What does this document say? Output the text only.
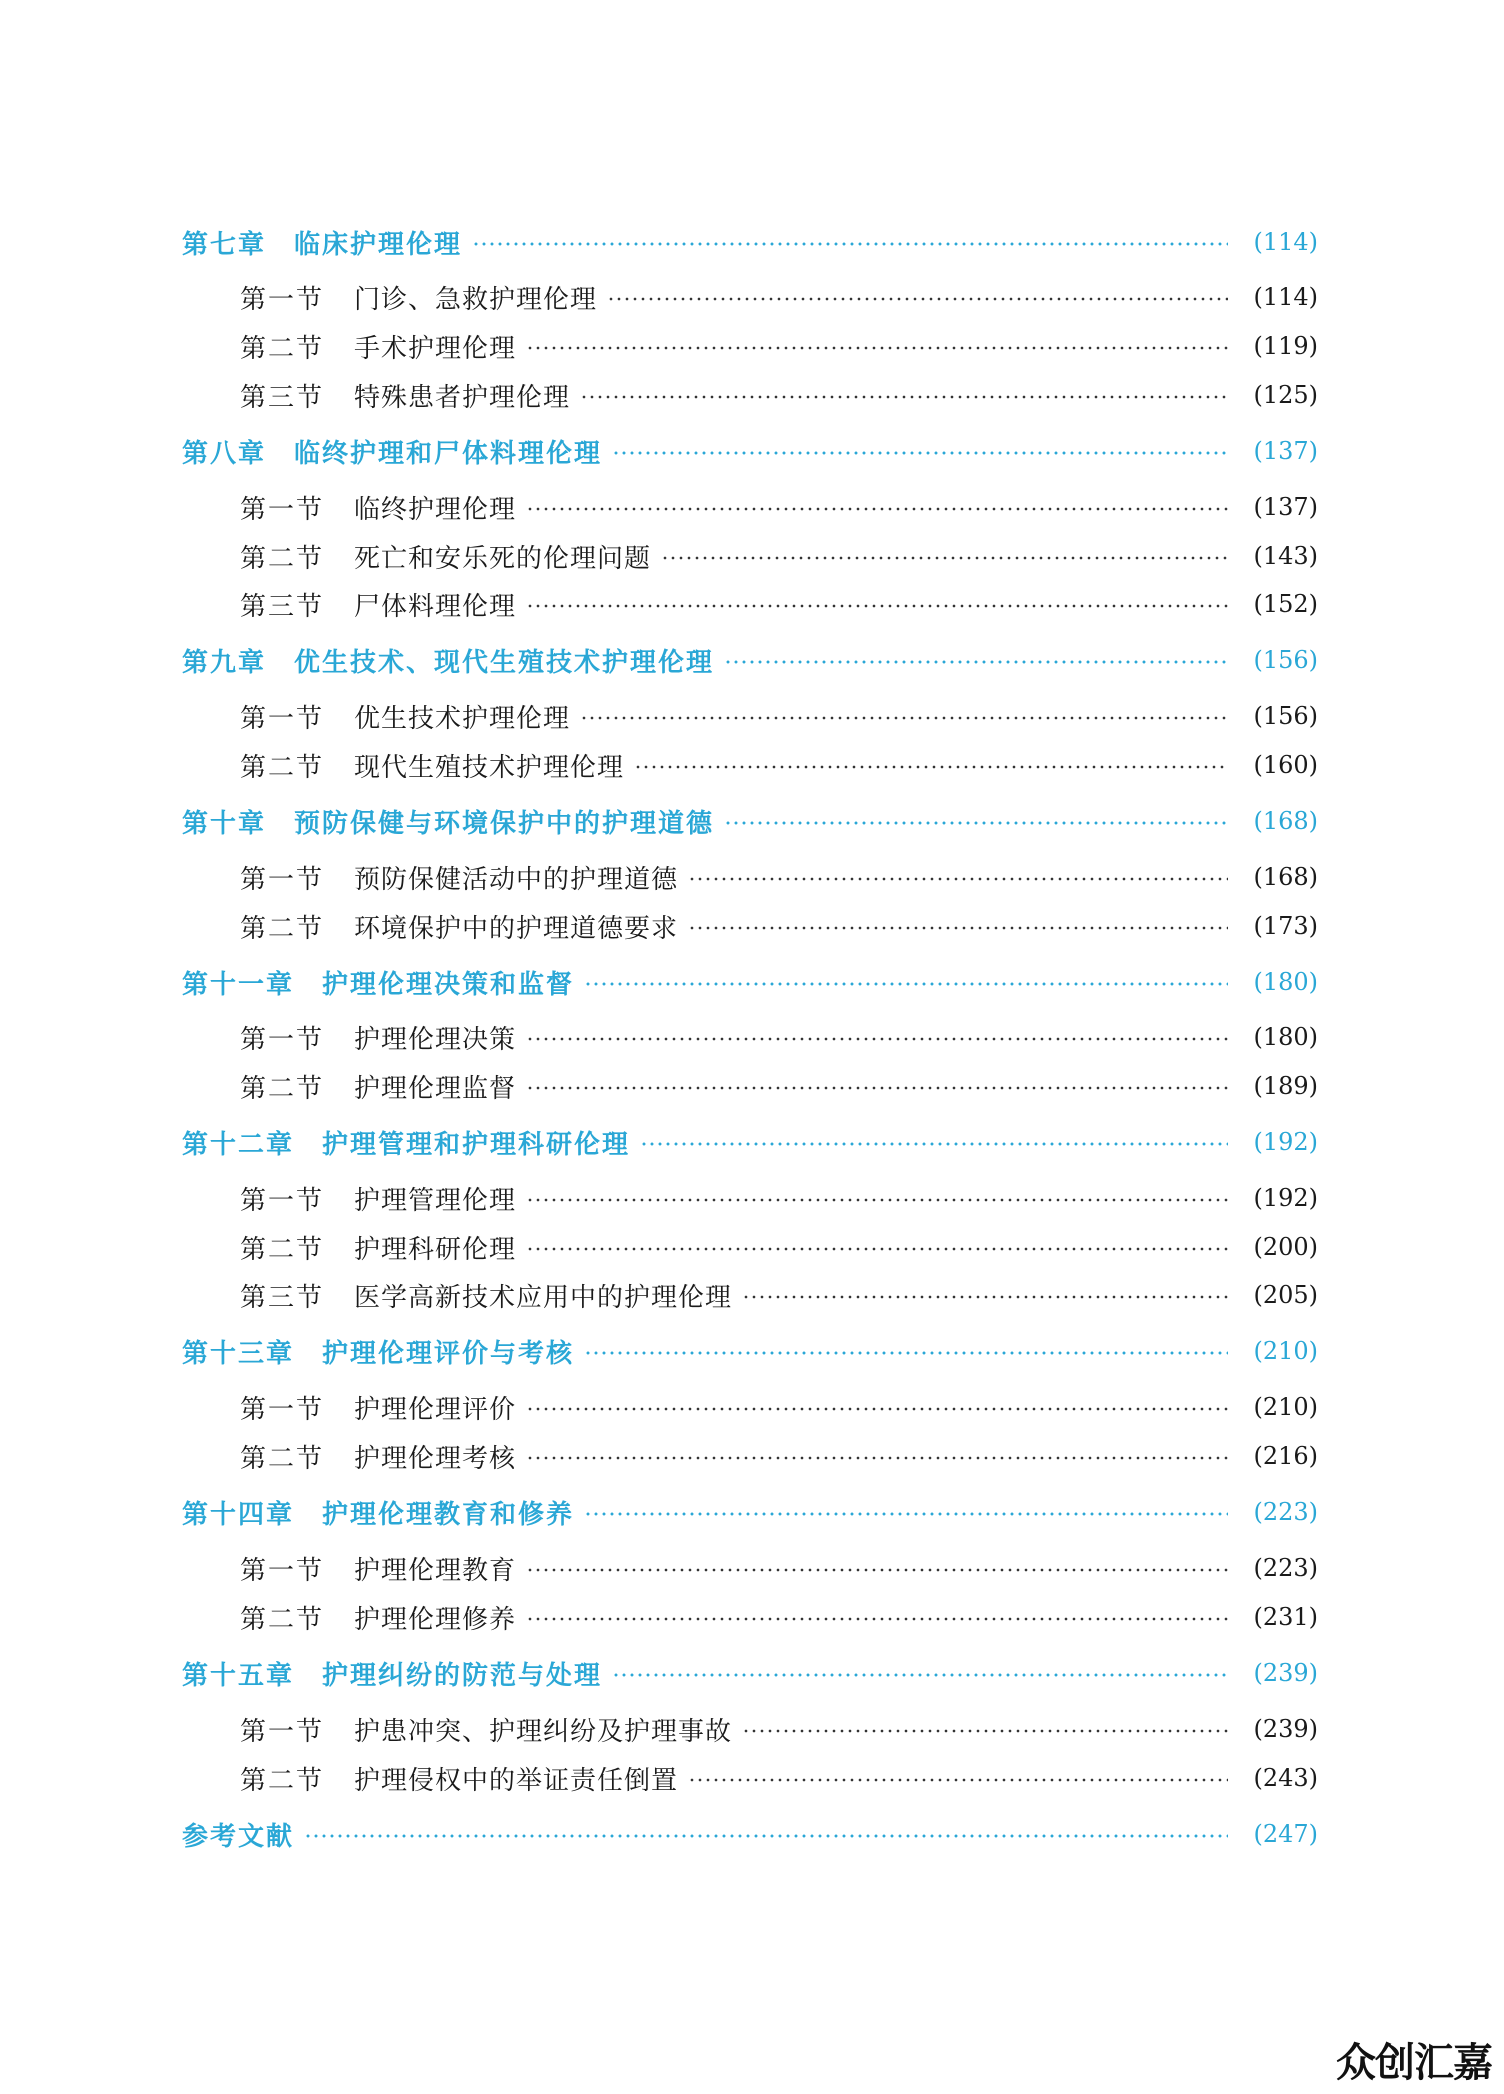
第七章 临床护理伦理	(114)
第一节 门诊、急救护理伦理	(114)
第二节 手术护理伦理	(119)
第三节 特殊患者护理伦理	(125)
第八章 临终护理和尸体料理伦理	(137)
第一节 临终护理伦理	(137)
第二节 死亡和安乐死的伦理问题	(143)
第三节 尸体料理伦理	(152)
第九章 优生技术、现代生殖技术护理伦理	(156)
第一节 优生技术护理伦理	(156)
第二节 现代生殖技术护理伦理	(160)
第十章 预防保健与环境保护中的护理道德	(168)
第一节 预防保健活动中的护理道德	(168)
第二节 环境保护中的护理道德要求	(173)
第十一章 护理伦理决策和监督	(180)
第一节 护理伦理决策	(180)
第二节 护理伦理监督	(189)
第十二章 护理管理和护理科研伦理	(192)
第一节 护理管理伦理	(192)
第二节 护理科研伦理	(200)
第三节 医学高新技术应用中的护理伦理	(205)
第十三章 护理伦理评价与考核	(210)
第一节 护理伦理评价	(210)
第二节 护理伦理考核	(216)
第十四章 护理伦理教育和修养	(223)
第一节 护理伦理教育	(223)
第二节 护理伦理修养	(231)
第十五章 护理纠纷的防范与处理	(239)
第一节 护患冲突、护理纠纷及护理事故	(239)
第二节 护理侵权中的举证责任倒置	(243)
参考文献	(247)
众创汇嘉
